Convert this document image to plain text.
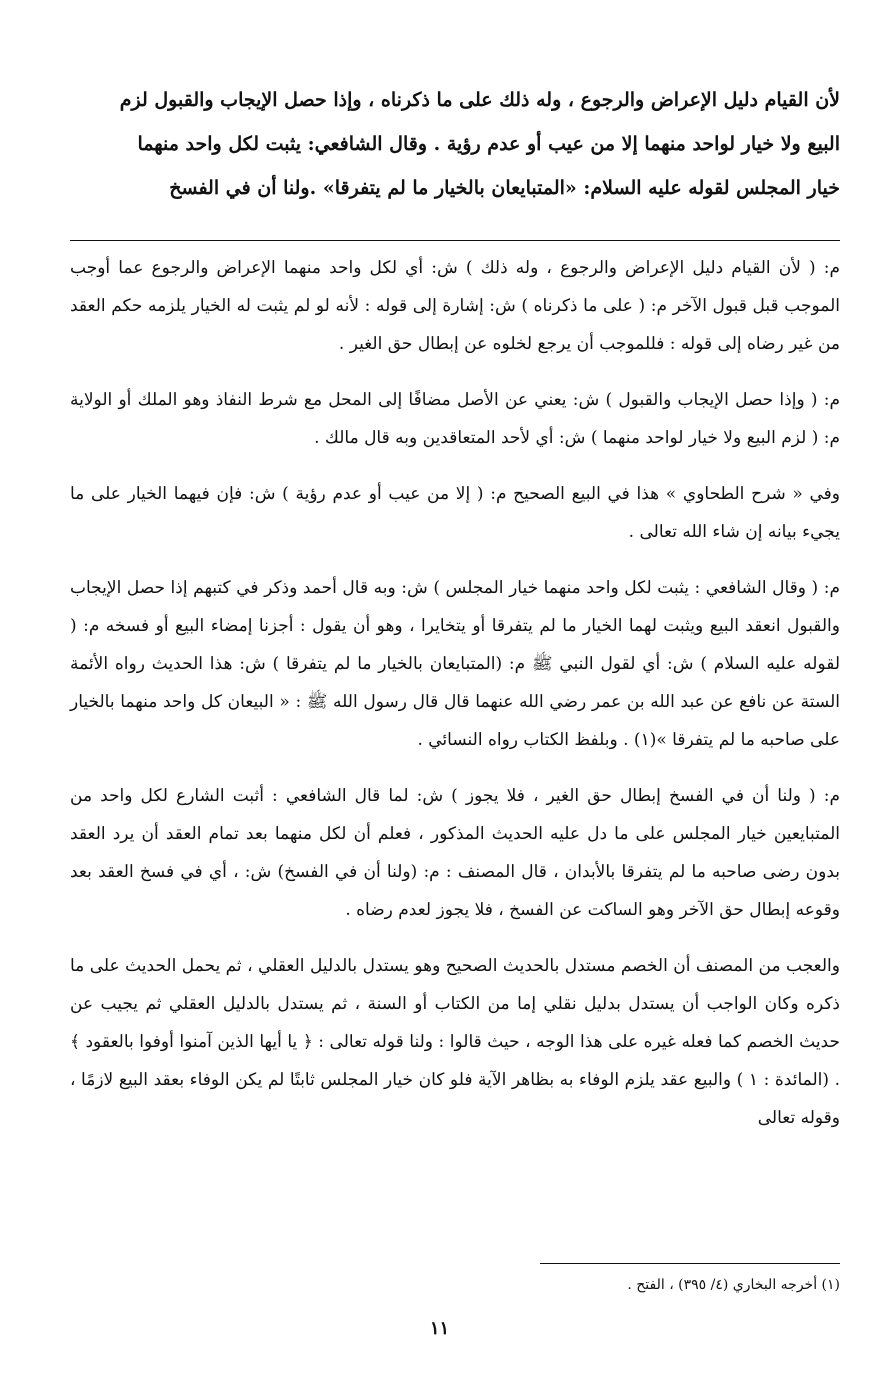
لأن القيام دليل الإعراض والرجوع ، وله ذلك على ما ذكرناه ، وإذا حصل الإيجاب والقبول لزم

البيع ولا خيار لواحد منهما إلا من عيب أو عدم رؤية . وقال الشافعي: يثبت لكل واحد منهما

خيار المجلس لقوله عليه السلام: «المتبايعان بالخيار ما لم يتفرقا» .ولنا أن في الفسخ

م: ( لأن القيام دليل الإعراض والرجوع ، وله ذلك ) ش: أي لكل واحد منهما الإعراض والرجوع عما أوجب الموجب قبل قبول الآخر م: ( على ما ذكرناه ) ش: إشارة إلى قوله : لأنه لو لم يثبت له الخيار يلزمه حكم العقد من غير رضاه إلى قوله : فللموجب أن يرجع لخلوه عن إبطال حق الغير .

م: ( وإذا حصل الإيجاب والقبول ) ش: يعني عن الأصل مضافًا إلى المحل مع شرط النفاذ وهو الملك أو الولاية م: ( لزم البيع ولا خيار لواحد منهما ) ش: أي لأحد المتعاقدين وبه قال مالك .

وفي « شرح الطحاوي » هذا في البيع الصحيح م: ( إلا من عيب أو عدم رؤية ) ش: فإن فيهما الخيار على ما يجيء بيانه إن شاء الله تعالى .

م: ( وقال الشافعي : يثبت لكل واحد منهما خيار المجلس ) ش: وبه قال أحمد وذكر في كتبهم إذا حصل الإيجاب والقبول انعقد البيع ويثبت لهما الخيار ما لم يتفرقا أو يتخايرا ، وهو أن يقول : أجزنا إمضاء البيع أو فسخه م: ( لقوله عليه السلام ) ش: أي لقول النبي ﷺ م: (المتبايعان بالخيار ما لم يتفرقا ) ش: هذا الحديث رواه الأئمة الستة عن نافع عن عبد الله بن عمر رضي الله عنهما قال قال رسول الله ﷺ : « البيعان كل واحد منهما بالخيار على صاحبه ما لم يتفرقا »(١) . وبلفظ الكتاب رواه النسائي .

م: ( ولنا أن في الفسخ إبطال حق الغير ، فلا يجوز ) ش: لما قال الشافعي : أثبت الشارع لكل واحد من المتبايعين خيار المجلس على ما دل عليه الحديث المذكور ، فعلم أن لكل منهما بعد تمام العقد أن يرد العقد بدون رضى صاحبه ما لم يتفرقا بالأبدان ، قال المصنف : م: (ولنا أن في الفسخ) ش: ، أي في فسخ العقد بعد وقوعه إبطال حق الآخر وهو الساكت عن الفسخ ، فلا يجوز لعدم رضاه .

والعجب من المصنف أن الخصم مستدل بالحديث الصحيح وهو يستدل بالدليل العقلي ، ثم يحمل الحديث على ما ذكره وكان الواجب أن يستدل بدليل نقلي إما من الكتاب أو السنة ، ثم يستدل بالدليل العقلي ثم يجيب عن حديث الخصم كما فعله غيره على هذا الوجه ، حيث قالوا : ولنا قوله تعالى : ﴿ يا أيها الذين آمنوا أوفوا بالعقود ﴾ . (المائدة : ١ ) والبيع عقد يلزم الوفاء به بظاهر الآية فلو كان خيار المجلس ثابتًا لم يكن الوفاء بعقد البيع لازمًا ، وقوله تعالى

(١) أخرجه البخاري (٤/ ٣٩٥) ، الفتح .
١١
